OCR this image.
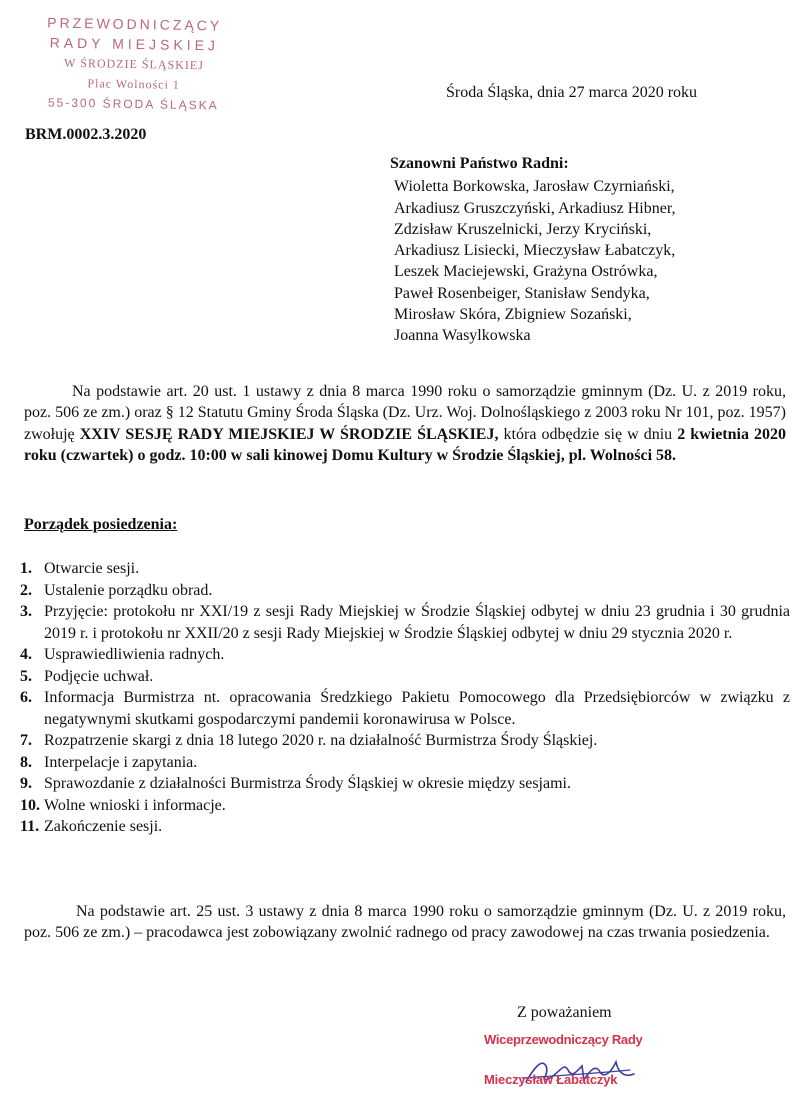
PRZEWODNICZĄCY
RADY MIEJSKIEJ
W ŚRODZIE ŚLĄSKIEJ
Plac Wolności 1
55-300 ŚRODA ŚLĄSKA
Środa Śląska, dnia 27 marca 2020 roku
BRM.0002.3.2020
Szanowni Państwo Radni:
Wioletta Borkowska, Jarosław Czyrniański,
Arkadiusz Gruszczyński, Arkadiusz Hibner,
Zdzisław Kruszelnicki, Jerzy Kryciński,
Arkadiusz Lisiecki, Mieczysław Łabatczyk,
Leszek Maciejewski, Grażyna Ostrówka,
Paweł Rosenbeiger, Stanisław Sendyka,
Mirosław Skóra, Zbigniew Sozański,
Joanna Wasylkowska

Na podstawie art. 20 ust. 1 ustawy z dnia 8 marca 1990 roku o samorządzie gminnym (Dz. U. z 2019 roku, poz. 506 ze zm.) oraz § 12 Statutu Gminy Środa Śląska (Dz. Urz. Woj. Dolnośląskiego z 2003 roku Nr 101, poz. 1957) zwołuję XXIV SESJĘ RADY MIEJSKIEJ W ŚRODZIE ŚLĄSKIEJ, która odbędzie się w dniu 2 kwietnia 2020 roku (czwartek) o godz. 10:00 w sali kinowej Domu Kultury w Środzie Śląskiej, pl. Wolności 58.

Porządek posiedzenia:
1. Otwarcie sesji.
2. Ustalenie porządku obrad.
3. Przyjęcie: protokołu nr XXI/19 z sesji Rady Miejskiej w Środzie Śląskiej odbytej w dniu 23 grudnia i 30 grudnia 2019 r. i protokołu nr XXII/20 z sesji Rady Miejskiej w Środzie Śląskiej odbytej w dniu 29 stycznia 2020 r.
4. Usprawiedliwienia radnych.
5. Podjęcie uchwał.
6. Informacja Burmistrza nt. opracowania Średzkiego Pakietu Pomocowego dla Przedsiębiorców w związku z negatywnymi skutkami gospodarczymi pandemii koronawirusa w Polsce.
7. Rozpatrzenie skargi z dnia 18 lutego 2020 r. na działalność Burmistrza Środy Śląskiej.
8. Interpelacje i zapytania.
9. Sprawozdanie z działalności Burmistrza Środy Śląskiej w okresie między sesjami.
10. Wolne wnioski i informacje.
11. Zakończenie sesji.

Na podstawie art. 25 ust. 3 ustawy z dnia 8 marca 1990 roku o samorządzie gminnym (Dz. U. z 2019 roku, poz. 506 ze zm.) – pracodawca jest zobowiązany zwolnić radnego od pracy zawodowej na czas trwania posiedzenia.

Z poważaniem
Wiceprzewodniczący Rady
Mieczysław Łabatczyk
